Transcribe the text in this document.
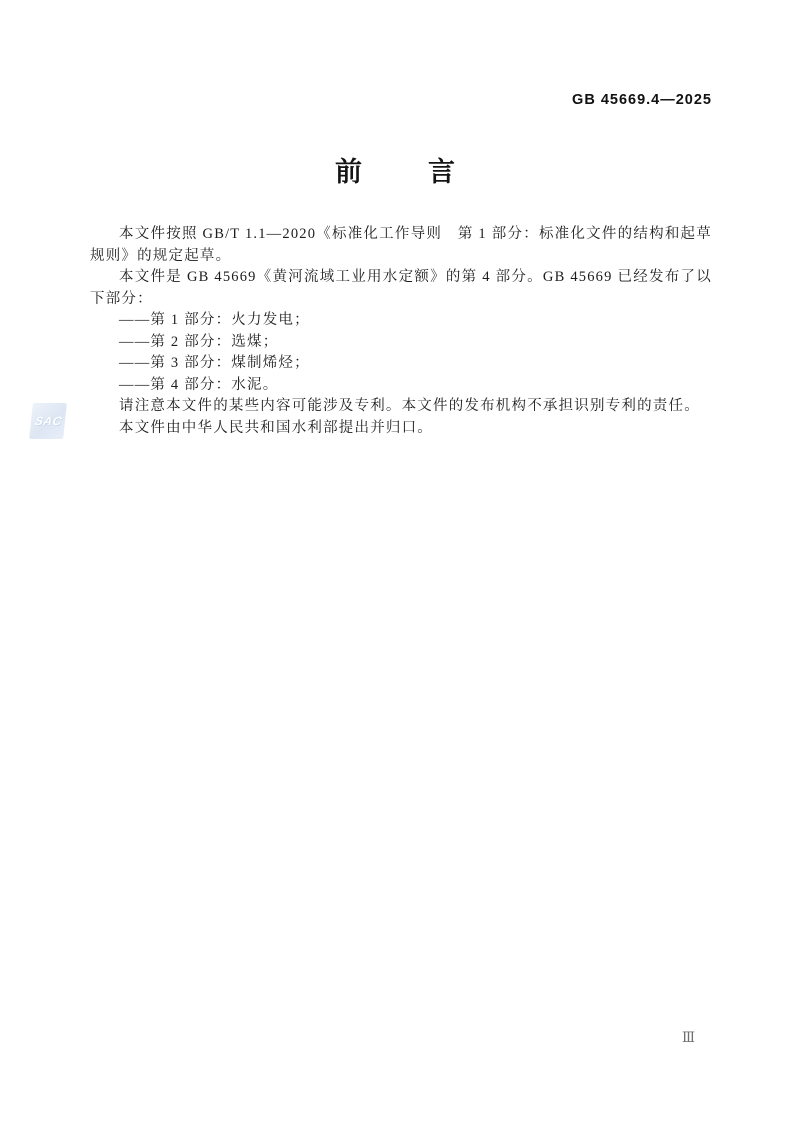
GB 45669.4—2025
前　　言

本文件按照 GB/T 1.1—2020《标准化工作导则　第 1 部分：标准化文件的结构和起草规则》的规定起草。

本文件是 GB 45669《黄河流域工业用水定额》的第 4 部分。GB 45669 已经发布了以下部分：

——第 1 部分：火力发电；

——第 2 部分：选煤；

——第 3 部分：煤制烯烃；

——第 4 部分：水泥。

请注意本文件的某些内容可能涉及专利。本文件的发布机构不承担识别专利的责任。

本文件由中华人民共和国水利部提出并归口。

SAC
Ⅲ
